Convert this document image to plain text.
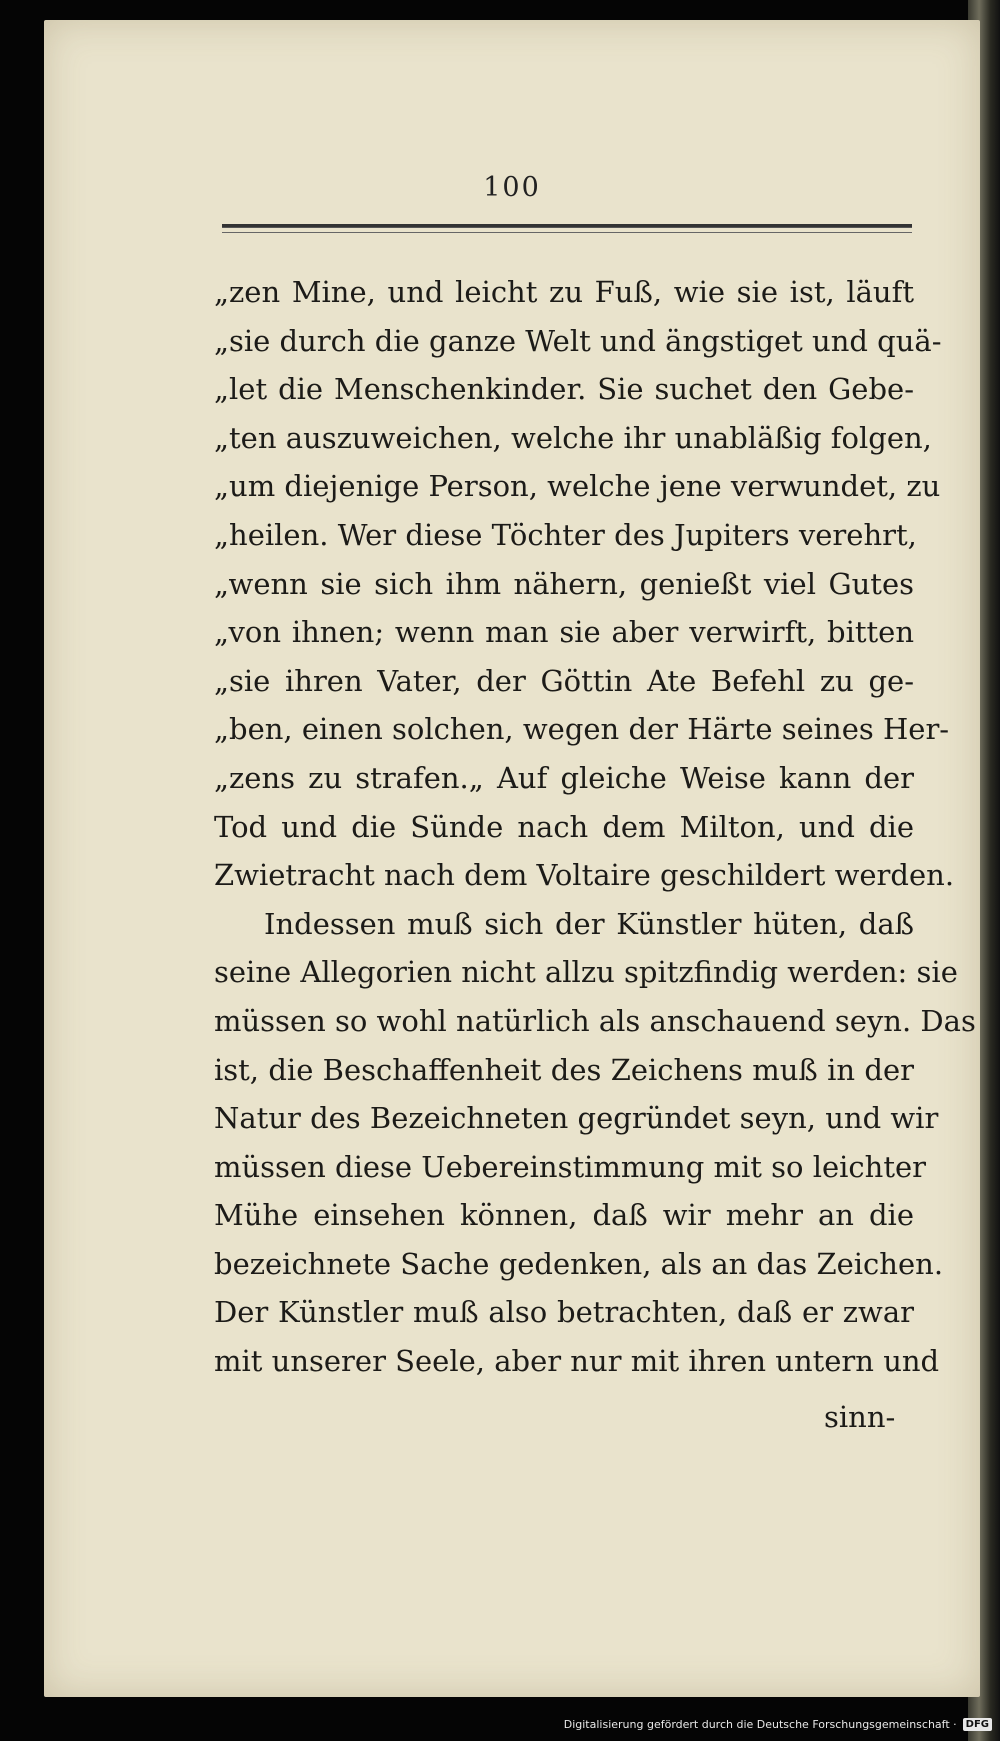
100
„zen Mine, und leicht zu Fuß, wie sie ist, läuft
„sie durch die ganze Welt und ängstiget und quä-
„let die Menschenkinder. Sie suchet den Gebe-
„ten auszuweichen, welche ihr unabläßig folgen,
„um diejenige Person, welche jene verwundet, zu
„heilen. Wer diese Töchter des Jupiters verehrt,
„wenn sie sich ihm nähern, genießt viel Gutes
„von ihnen; wenn man sie aber verwirft, bitten
„sie ihren Vater, der Göttin Ate Befehl zu ge-
„ben, einen solchen, wegen der Härte seines Her-
„zens zu strafen.„ Auf gleiche Weise kann der
Tod und die Sünde nach dem Milton, und die
Zwietracht nach dem Voltaire geschildert werden.
Indessen muß sich der Künstler hüten, daß
seine Allegorien nicht allzu spitzfindig werden: sie
müssen so wohl natürlich als anschauend seyn. Das
ist, die Beschaffenheit des Zeichens muß in der
Natur des Bezeichneten gegründet seyn, und wir
müssen diese Uebereinstimmung mit so leichter
Mühe einsehen können, daß wir mehr an die
bezeichnete Sache gedenken, als an das Zeichen.
Der Künstler muß also betrachten, daß er zwar
mit unserer Seele, aber nur mit ihren untern und
sinn-
Digitalisierung gefördert durch die Deutsche Forschungsgemeinschaft · DFG
